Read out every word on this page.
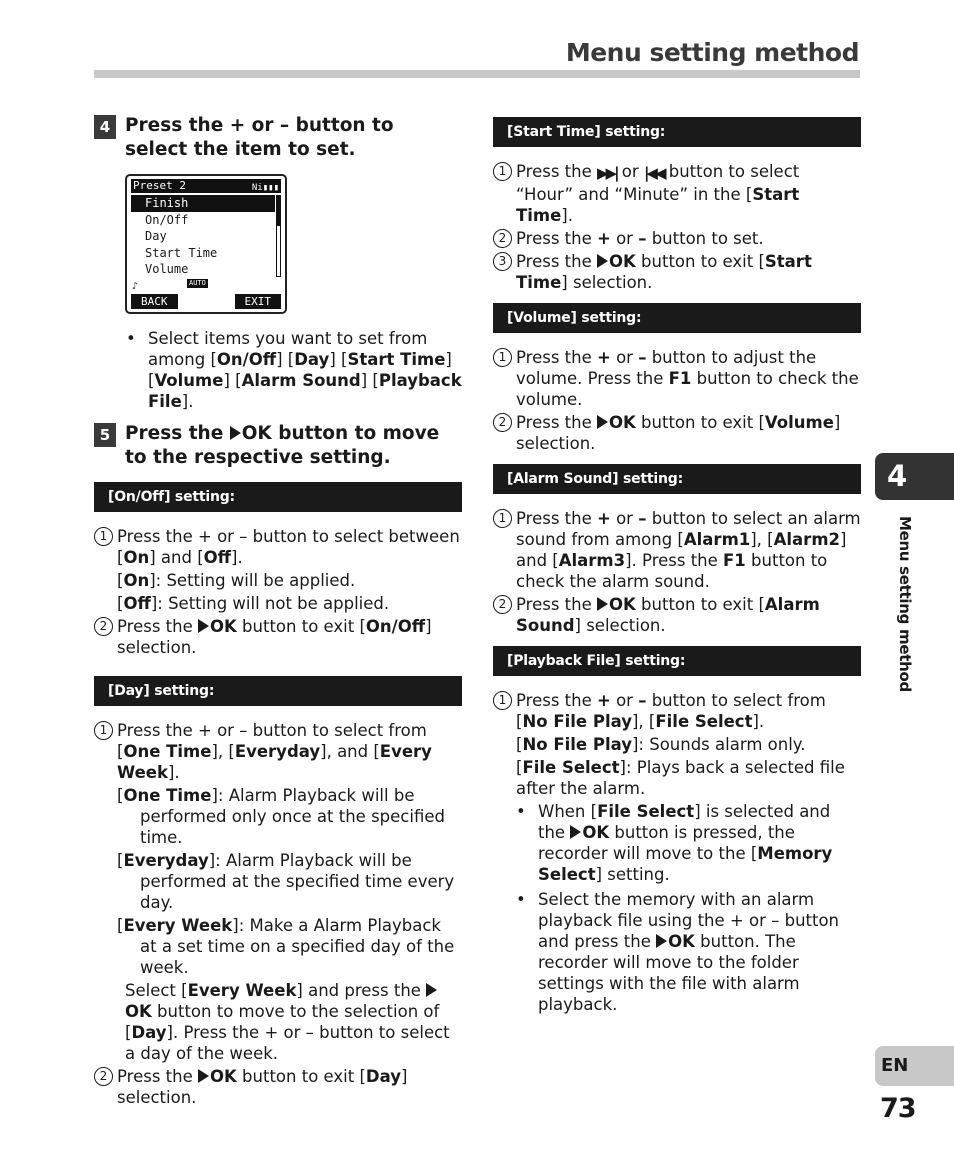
Menu setting method
4 Press the + or – button to select the item to set.
Preset 2	Ni▮▮▮
Finish
On/Off
Day
Start Time
Volume
♪	AUTO
BACK	EXIT
• Select items you want to set from among [On/Off] [Day] [Start Time] [Volume] [Alarm Sound] [Playback File].
5 Press the OK button to move to the respective setting.
[On/Off] setting:
1 Press the + or – button to select between [On] and [Off].
[On]: Setting will be applied.
[Off]: Setting will not be applied.
2 Press the OK button to exit [On/Off] selection.
[Day] setting:
1 Press the + or – button to select from [One Time], [Everyday], and [Every Week].
[One Time]: Alarm Playback will be performed only once at the specified time.
[Everyday]: Alarm Playback will be performed at the specified time every day.
[Every Week]: Make a Alarm Playback at a set time on a specified day of the week.
Select [Every Week] and press the OK button to move to the selection of [Day]. Press the + or – button to select a day of the week.
2 Press the OK button to exit [Day] selection.
[Start Time] setting:
1 Press the ▶▶| or |◀◀ button to select “Hour” and “Minute” in the [Start Time].
2 Press the + or – button to set.
3 Press the OK button to exit [Start Time] selection.
[Volume] setting:
1 Press the + or – button to adjust the volume. Press the F1 button to check the volume.
2 Press the OK button to exit [Volume] selection.
[Alarm Sound] setting:
1 Press the + or – button to select an alarm sound from among [Alarm1], [Alarm2] and [Alarm3]. Press the F1 button to check the alarm sound.
2 Press the OK button to exit [Alarm Sound] selection.
[Playback File] setting:
1 Press the + or – button to select from [No File Play], [File Select].
[No File Play]: Sounds alarm only.
[File Select]: Plays back a selected file after the alarm.
• When [File Select] is selected and the OK button is pressed, the recorder will move to the [Memory Select] setting.
• Select the memory with an alarm playback file using the + or – button and press the OK button. The recorder will move to the folder settings with the file with alarm playback.
4
Menu setting method
EN
73
